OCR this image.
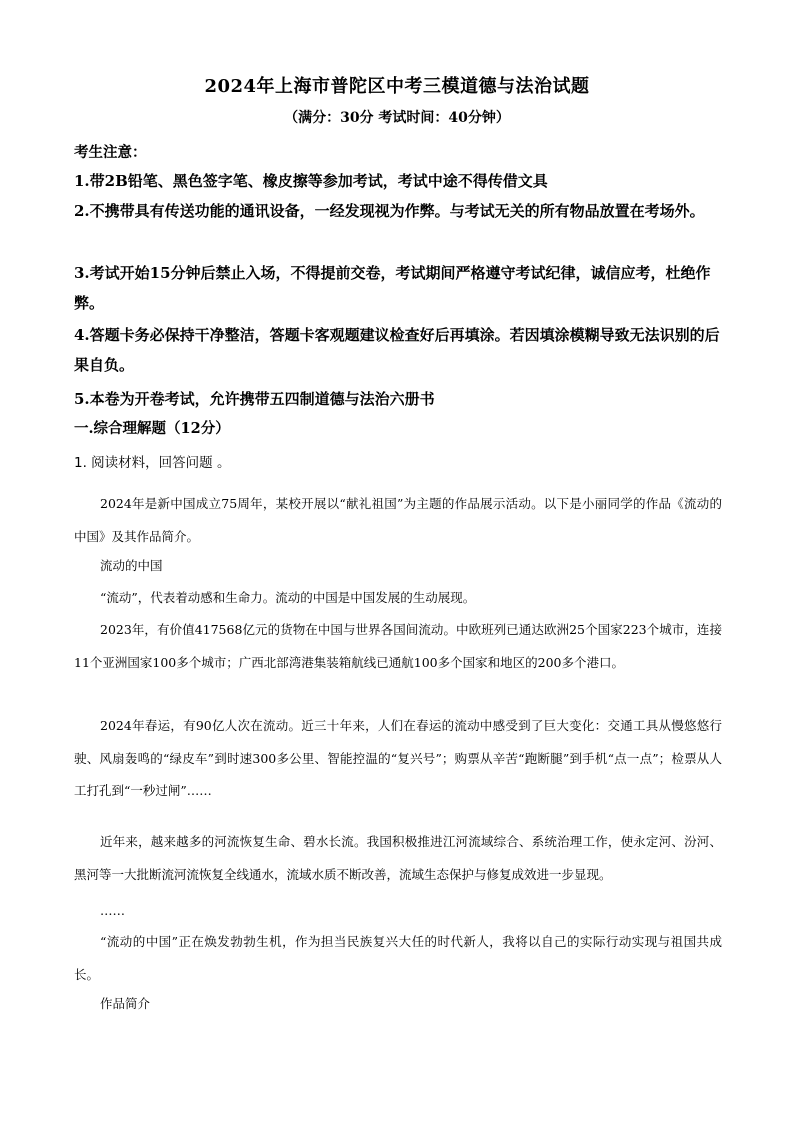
2024年上海市普陀区中考三模道德与法治试题
（满分：30分 考试时间：40分钟）
考生注意：
1.带2B铅笔、黑色签字笔、橡皮擦等参加考试，考试中途不得传借文具
2.不携带具有传送功能的通讯设备，一经发现视为作弊。与考试无关的所有物品放置在考场外。
3.考试开始15分钟后禁止入场，不得提前交卷，考试期间严格遵守考试纪律，诚信应考，杜绝作弊。
4.答题卡务必保持干净整洁，答题卡客观题建议检查好后再填涂。若因填涂模糊导致无法识别的后果自负。
5.本卷为开卷考试，允许携带五四制道德与法治六册书
一.综合理解题（12分）
1. 阅读材料，回答问题 。
2024年是新中国成立75周年，某校开展以“献礼祖国”为主题的作品展示活动。以下是小丽同学的作品《流动的中国》及其作品简介。
流动的中国
“流动”，代表着动感和生命力。流动的中国是中国发展的生动展现。
2023年，有价值417568亿元的货物在中国与世界各国间流动。中欧班列已通达欧洲25个国家223个城市，连接11个亚洲国家100多个城市；广西北部湾港集装箱航线已通航100多个国家和地区的200多个港口。
2024年春运，有90亿人次在流动。近三十年来，人们在春运的流动中感受到了巨大变化：交通工具从慢悠悠行驶、风扇轰鸣的“绿皮车”到时速300多公里、智能控温的“复兴号”；购票从辛苦“跑断腿”到手机“点一点”；检票从人工打孔到“一秒过闸”……
近年来，越来越多的河流恢复生命、碧水长流。我国积极推进江河流域综合、系统治理工作，使永定河、汾河、黑河等一大批断流河流恢复全线通水，流域水质不断改善，流域生态保护与修复成效进一步显现。
……
“流动的中国”正在焕发勃勃生机，作为担当民族复兴大任的时代新人，我将以自己的实际行动实现与祖国共成长。
作品简介
